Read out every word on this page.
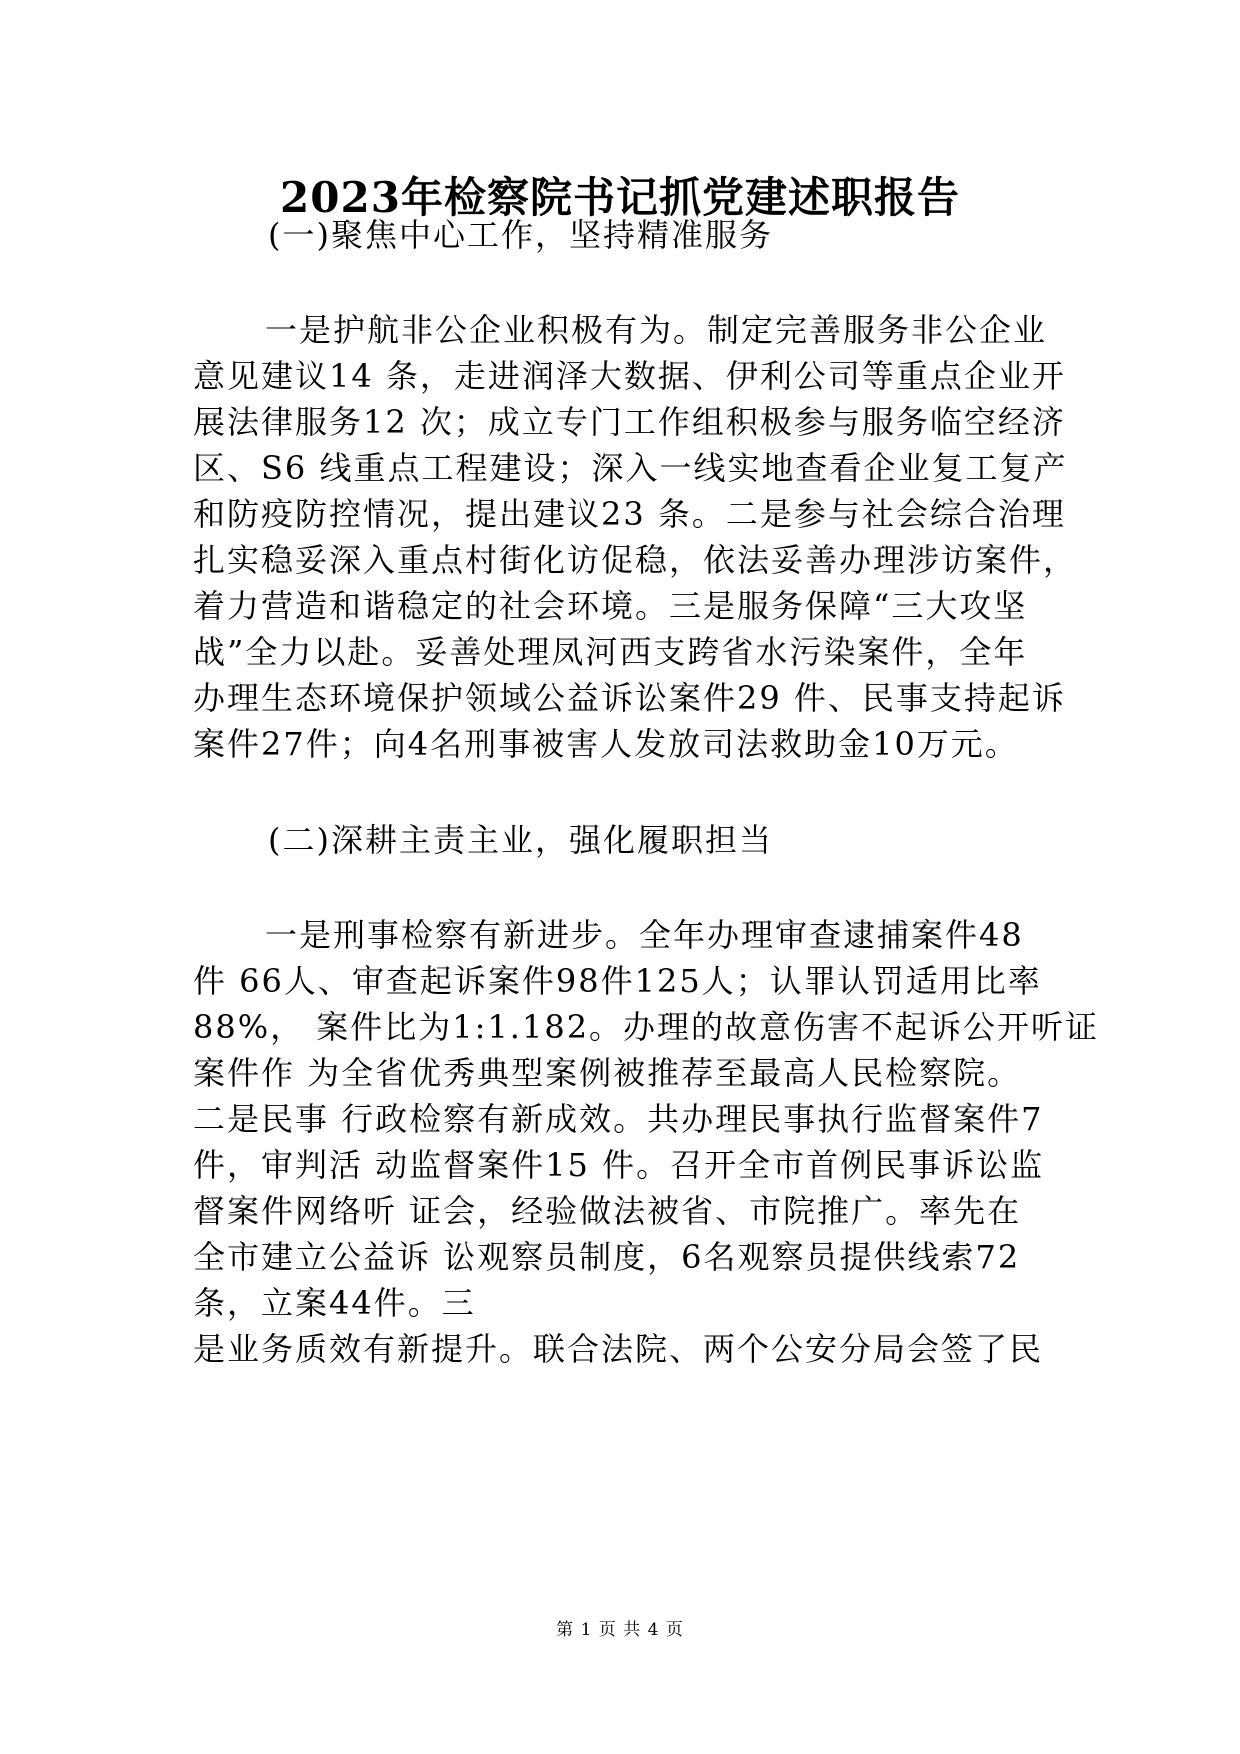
2023年检察院书记抓党建述职报告
(一)聚焦中心工作，坚持精准服务
一是护航非公企业积极有为。制定完善服务非公企业
意见建议14 条，走进润泽大数据、伊利公司等重点企业开
展法律服务12 次；成立专门工作组积极参与服务临空经济
区、S6 线重点工程建设；深入一线实地查看企业复工复产
和防疫防控情况，提出建议23 条。二是参与社会综合治理
扎实稳妥深入重点村街化访促稳，依法妥善办理涉访案件，
着力营造和谐稳定的社会环境。三是服务保障“三大攻坚
战”全力以赴。妥善处理凤河西支跨省水污染案件，全年
办理生态环境保护领域公益诉讼案件29 件、民事支持起诉
案件27件；向4名刑事被害人发放司法救助金10万元。
(二)深耕主责主业，强化履职担当
一是刑事检察有新进步。全年办理审查逮捕案件48
件 66人、审查起诉案件98件125人；认罪认罚适用比率
88%， 案件比为1:1.182。办理的故意伤害不起诉公开听证
案件作 为全省优秀典型案例被推荐至最高人民检察院。
二是民事 行政检察有新成效。共办理民事执行监督案件7
件，审判活 动监督案件15 件。召开全市首例民事诉讼监
督案件网络听 证会，经验做法被省、市院推广。率先在
全市建立公益诉 讼观察员制度，6名观察员提供线索72
条，立案44件。三
是业务质效有新提升。联合法院、两个公安分局会签了民
第 1 页 共 4 页
